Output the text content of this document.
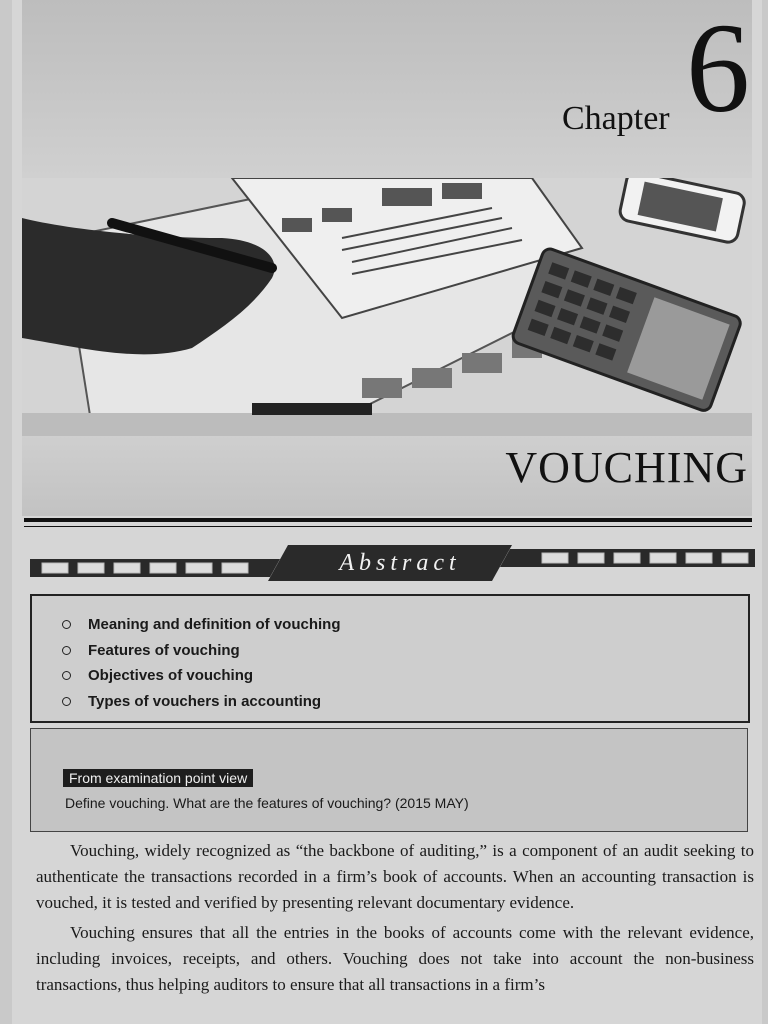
Chapter 6
VOUCHING
Abstract
Meaning and definition of vouching
Features of vouching
Objectives of vouching
Types of vouchers in accounting
From examination point view
Define vouching. What are the features of vouching? (2015 MAY)

Vouching, widely recognized as “the backbone of auditing,” is a component of an audit seeking to authenticate the transactions recorded in a firm’s book of accounts. When an accounting transaction is vouched, it is tested and verified by presenting relevant documentary evidence.

Vouching ensures that all the entries in the books of accounts come with the relevant evidence, including invoices, receipts, and others. Vouching does not take into account the non-business transactions, thus helping auditors to ensure that all transactions in a firm’s
